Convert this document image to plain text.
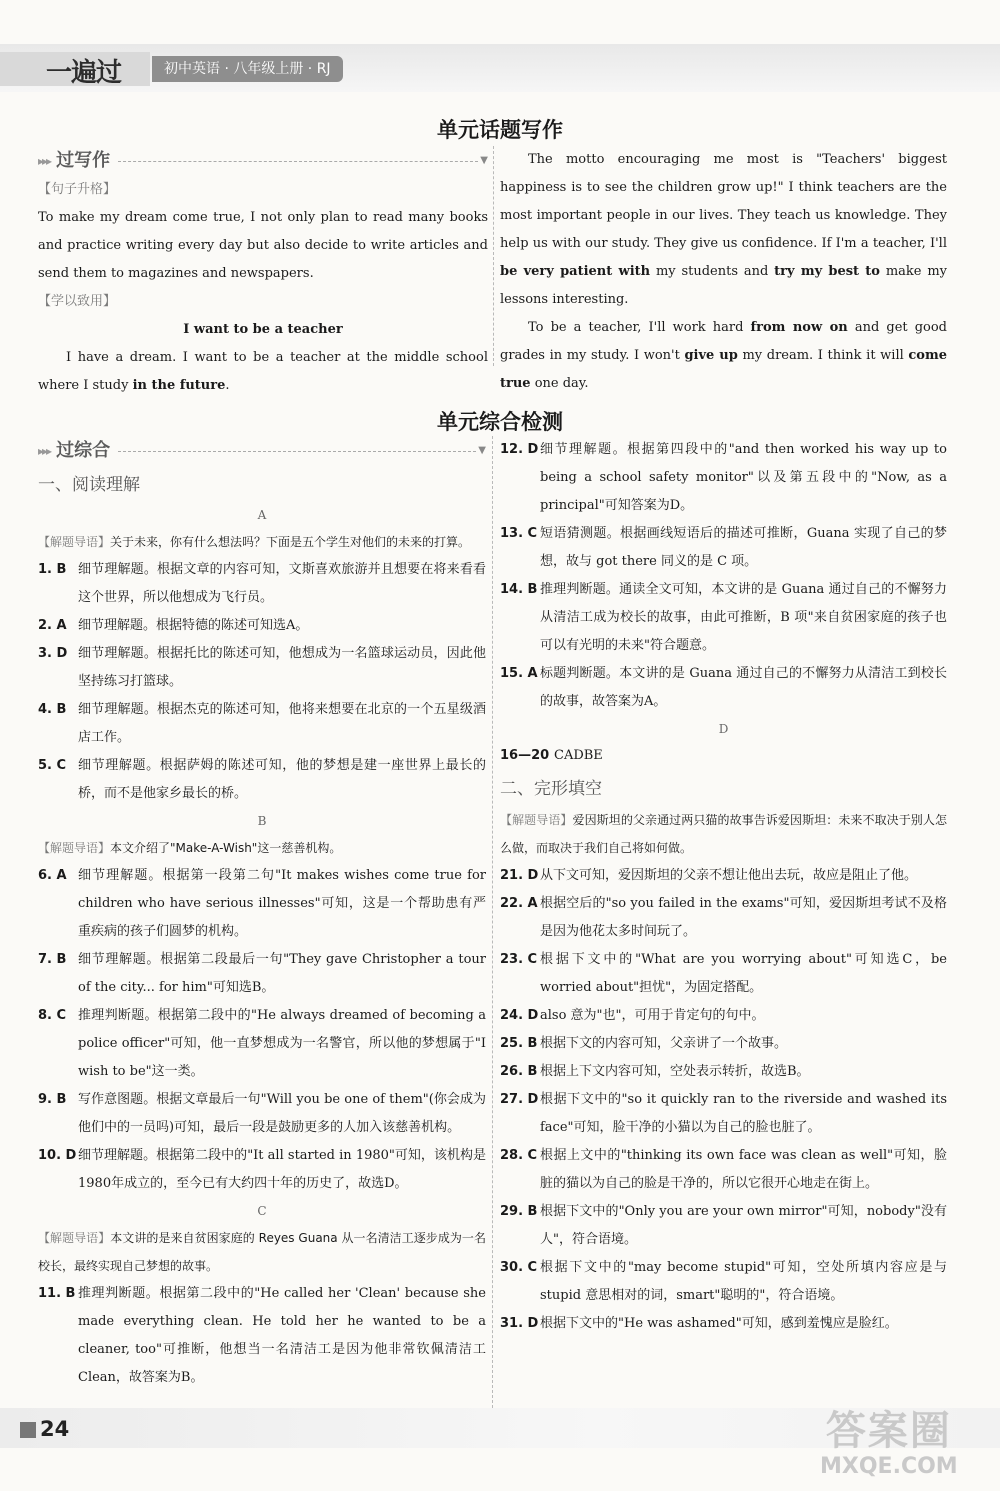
一遍过	初中英语 · 八年级上册 · RJ
单元话题写作
▸▸▸ 过写作	▼
【句子升格】

To make my dream come true, I not only plan to read many books and practice writing every day but also decide to write articles and send them to magazines and newspapers.

【学以致用】

I want to be a teacher

I have a dream. I want to be a teacher at the middle school where I study in the future.

The motto encouraging me most is "Teachers' biggest happiness is to see the children grow up!" I think teachers are the most important people in our lives. They teach us knowledge. They help us with our study. They give us confidence. If I'm a teacher, I'll be very patient with my students and try my best to make my lessons interesting.

To be a teacher, I'll work hard from now on and get good grades in my study. I won't give up my dream. I think it will come true one day.

单元综合检测
▸▸▸ 过综合	▼
一、阅读理解
A

【解题导语】关于未来，你有什么想法吗？下面是五个学生对他们的未来的打算。

1. B 细节理解题。根据文章的内容可知，文斯喜欢旅游并且想要在将来看看这个世界，所以他想成为飞行员。
2. A 细节理解题。根据特德的陈述可知选A。
3. D 细节理解题。根据托比的陈述可知，他想成为一名篮球运动员，因此他坚持练习打篮球。
4. B 细节理解题。根据杰克的陈述可知，他将来想要在北京的一个五星级酒店工作。
5. C 细节理解题。根据萨姆的陈述可知，他的梦想是建一座世界上最长的桥，而不是他家乡最长的桥。
B

【解题导语】本文介绍了"Make-A-Wish"这一慈善机构。

6. A 细节理解题。根据第一段第二句"It makes wishes come true for children who have serious illnesses"可知，这是一个帮助患有严重疾病的孩子们圆梦的机构。
7. B 细节理解题。根据第二段最后一句"They gave Christopher a tour of the city... for him"可知选B。
8. C 推理判断题。根据第二段中的"He always dreamed of becoming a police officer"可知，他一直梦想成为一名警官，所以他的梦想属于"I wish to be"这一类。
9. B 写作意图题。根据文章最后一句"Will you be one of them"(你会成为他们中的一员吗)可知，最后一段是鼓励更多的人加入该慈善机构。
10. D 细节理解题。根据第二段中的"It all started in 1980"可知，该机构是1980年成立的，至今已有大约四十年的历史了，故选D。
C

【解题导语】本文讲的是来自贫困家庭的 Reyes Guana 从一名清洁工逐步成为一名校长，最终实现自己梦想的故事。

11. B 推理判断题。根据第二段中的"He called her 'Clean' because she made everything clean. He told her he wanted to be a cleaner, too"可推断，他想当一名清洁工是因为他非常钦佩清洁工 Clean，故答案为B。
12. D 细节理解题。根据第四段中的"and then worked his way up to being a school safety monitor"以及第五段中的"Now, as a principal"可知答案为D。
13. C 短语猜测题。根据画线短语后的描述可推断，Guana 实现了自己的梦想，故与 got there 同义的是 C 项。
14. B 推理判断题。通读全文可知，本文讲的是 Guana 通过自己的不懈努力从清洁工成为校长的故事，由此可推断，B 项"来自贫困家庭的孩子也可以有光明的未来"符合题意。
15. A 标题判断题。本文讲的是 Guana 通过自己的不懈努力从清洁工到校长的故事，故答案为A。
D
16—20 CADBE
二、完形填空

【解题导语】爱因斯坦的父亲通过两只猫的故事告诉爱因斯坦：未来不取决于别人怎么做，而取决于我们自己将如何做。

21. D 从下文可知，爱因斯坦的父亲不想让他出去玩，故应是阻止了他。
22. A 根据空后的"so you failed in the exams"可知，爱因斯坦考试不及格是因为他花太多时间玩了。
23. C 根据下文中的"What are you worrying about"可知选C，be worried about"担忧"，为固定搭配。
24. D also 意为"也"，可用于肯定句的句中。
25. B 根据下文的内容可知，父亲讲了一个故事。
26. B 根据上下文内容可知，空处表示转折，故选B。
27. D 根据下文中的"so it quickly ran to the riverside and washed its face"可知，脸干净的小猫以为自己的脸也脏了。
28. C 根据上文中的"thinking its own face was clean as well"可知，脸脏的猫以为自己的脸是干净的，所以它很开心地走在街上。
29. B 根据下文中的"Only you are your own mirror"可知，nobody"没有人"，符合语境。
30. C 根据下文中的"may become stupid"可知，空处所填内容应是与 stupid 意思相对的词，smart"聪明的"，符合语境。
31. D 根据下文中的"He was ashamed"可知，感到羞愧应是脸红。
24	答案圈
MXQE.COM
